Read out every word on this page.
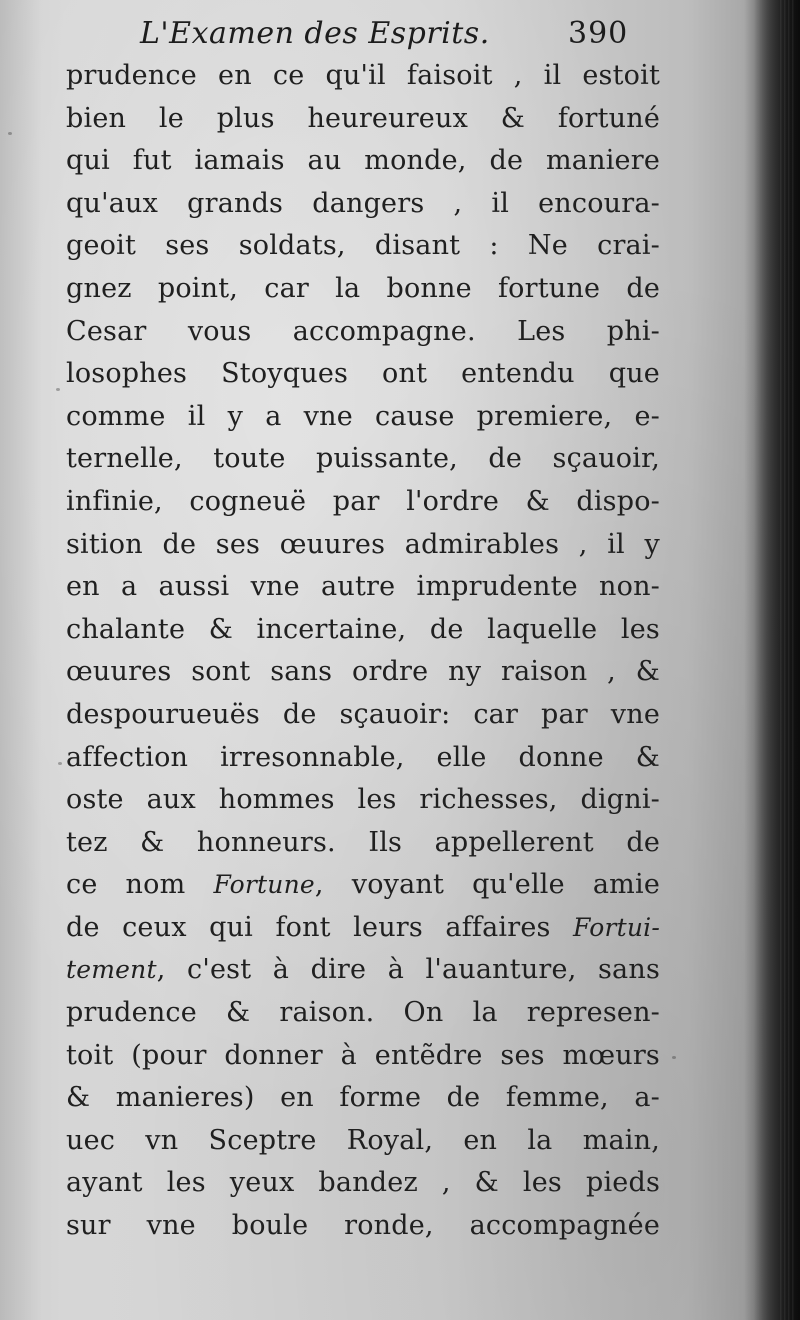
L'Examen des Esprits.	390
prudence en ce qu'il faisoit , il estoit
bien le plus heureureux & fortuné
qui fut iamais au monde, de maniere
qu'aux grands dangers , il encoura-
geoit ses soldats, disant : Ne crai-
gnez point, car la bonne fortune de
Cesar vous accompagne. Les phi-
losophes Stoyques ont entendu que
comme il y a vne cause premiere, e-
ternelle, toute puissante, de sçauoir,
infinie, cogneuë par l'ordre & dispo-
sition de ses œuures admirables , il y
en a aussi vne autre imprudente non-
chalante & incertaine, de laquelle les
œuures sont sans ordre ny raison , &
despourueuës de sçauoir: car par vne
affection irresonnable, elle donne &
oste aux hommes les richesses, digni-
tez & honneurs. Ils appellerent de
ce nom Fortune, voyant qu'elle amie
de ceux qui font leurs affaires Fortui-
tement, c'est à dire à l'auanture, sans
prudence & raison. On la represen-
toit (pour donner à entẽdre ses mœurs
& manieres) en forme de femme, a-
uec vn Sceptre Royal, en la main,
ayant les yeux bandez , & les pieds
sur vne boule ronde, accompagnée
